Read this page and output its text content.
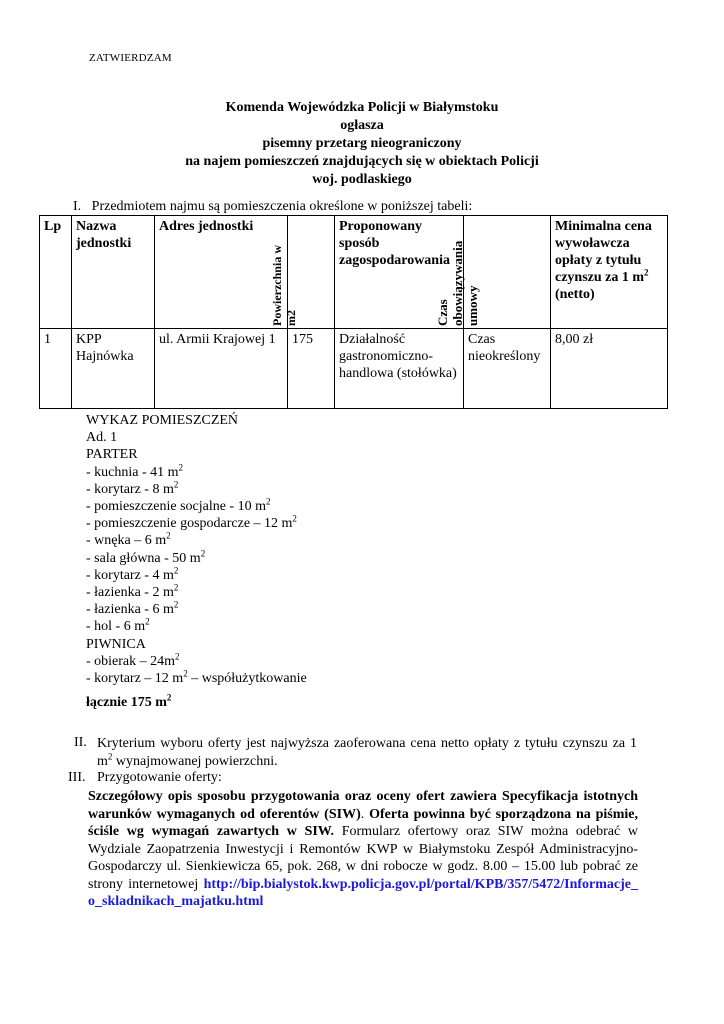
ZATWIERDZAM
Komenda Wojewódzka Policji w Białymstoku
ogłasza
pisemny przetarg nieograniczony
na najem pomieszczeń znajdujących się w obiektach Policji
woj. podlaskiego
I. Przedmiotem najmu są pomieszczenia określone w poniższej tabeli:
Lp	Nazwa jednostki	Adres jednostki	Powierzchnia w m2	Proponowany sposób zagospodarowania	Czas obowiązywania umowy	Minimalna cena wywoławcza opłaty z tytułu czynszu za 1 $m^2$
(netto)
1	KPP Hajnówka	ul. Armii Krajowej 1	175	Działalność gastronomiczno-handlowa (stołówka)	Czas nieokreślony	8,00 zł
WYKAZ POMIESZCZEŃ
Ad. 1
PARTER
- kuchnia - 41 $m^2$
- korytarz - 8 $m^2$
- pomieszczenie socjalne - 10 $m^2$
- pomieszczenie gospodarcze – 12 $m^2$
- wnęka – 6 $m^2$
- sala główna - 50 $m^2$
- korytarz - 4 $m^2$
- łazienka - 2 $m^2$
- łazienka - 6 $m^2$
- hol - 6 $m^2$
PIWNICA
- obierak – $24m^2$
- korytarz – 12 $m^2$ – współużytkowanie
łącznie 175 $m^2$
II. Kryterium wyboru oferty jest najwyższa zaoferowana cena netto opłaty z tytułu czynszu za 1 $m^2$ wynajmowanej powierzchni.
III. Przygotowanie oferty:
Szczegółowy opis sposobu przygotowania oraz oceny ofert zawiera Specyfikacja istotnych warunków wymaganych od oferentów (SIW). Oferta powinna być sporządzona na piśmie, ściśle wg wymagań zawartych w SIW. Formularz ofertowy oraz SIW można odebrać w Wydziale Zaopatrzenia Inwestycji i Remontów KWP w Białymstoku Zespół Administracyjno-Gospodarczy ul. Sienkiewicza 65, pok. 268, w dni robocze w godz. 8.00 – 15.00 lub pobrać ze strony internetowej http://bip.bialystok.kwp.policja.gov.pl/portal/KPB/357/5472/Informacje_o_skladnikach_majatku.html
